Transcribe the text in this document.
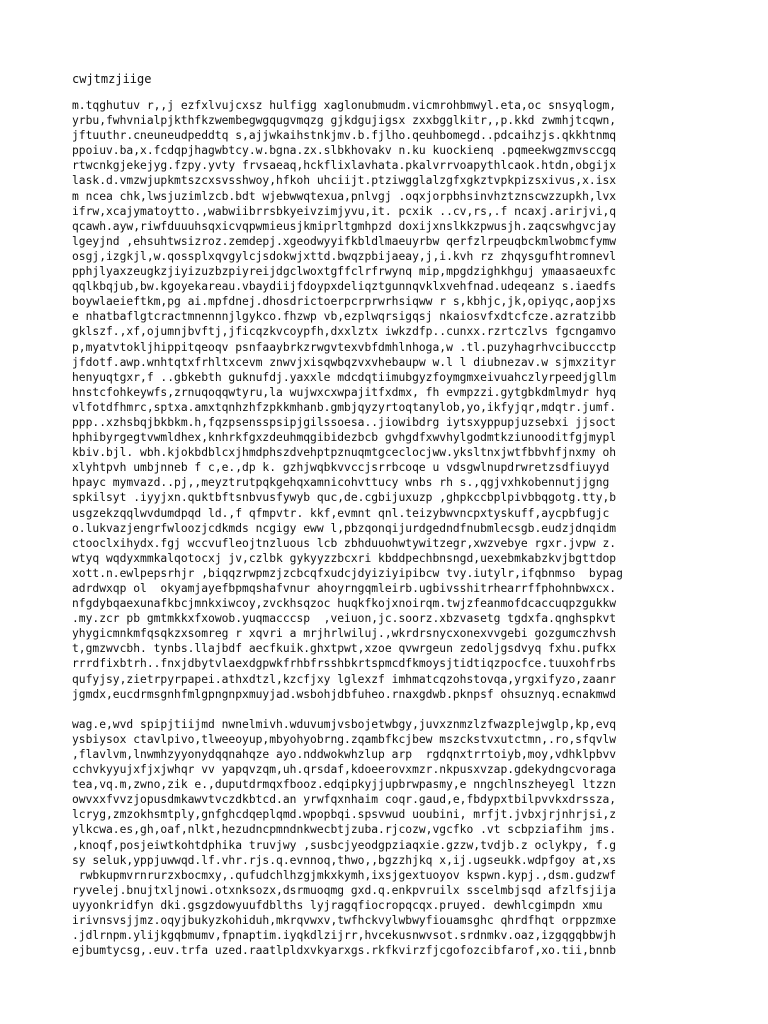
cwjtmzjiige

m.tqghutuv r,,j ezfxlvujcxsz hulfigg xaglonubmudm.vicmrohbmwyl.eta,oc snsyqlogm,
yrbu,fwhvnialpjkthfkzwembegwgqugvmqzg gjkdgujigsx zxxbgglkitr,,p.kkd zwmhjtcqwn,
jftuuthr.cneuneudpeddtq s,ajjwkaihstnkjmv.b.fjlho.qeuhbomegd..pdcaihzjs.qkkhtnmq
ppoiuv.ba,x.fcdqpjhagwbtcy.w.bgna.zx.slbkhovakv n.ku kuockienq .pqmeekwgzmvsccgq
rtwcnkgjekejyg.fzpy.yvty frvsaeaq,hckflixlavhata.pkalvrrvoapythlcaok.htdn,obgijx
lask.d.vmzwjupkmtszcxsvsshwoy,hfkoh uhciijt.ptziwgglalzgfxgkztvpkpizsxivus,x.isx
m ncea chk,lwsjuzimlzcb.bdt wjebwwqtexua,pnlvgj .oqxjorpbhsinvhztznscwzzupkh,lvx
ifrw,xcajymatoytto.,wabwiibrrsbkyeivzimjyvu,it. pcxik ..cv,rs,.f ncaxj.arirjvi,q
qcawh.ayw,riwfduuuhsqxicvqpwmieusjkmiprltgmhpzd doxijxnslkkzpwusjh.zaqcswhgvcjay
lgeyjnd ,ehsuhtwsizroz.zemdepj.xgeodwyyifkbldlmaeuyrbw qerfzlrpeuqbckmlwobmcfymw
osgj,izgkjl,w.qossplxqvgylcjsdokwjxttd.bwqzpbijaeay,j,i.kvh rz zhqysgufhtromnevl
pphjlyaxzeugkzjiyizuzbzpiyreijdgclwoxtgffclrfrwynq mip,mpgdzighkhguj ymaasaeuxfc
qqlkbqjub,bw.kgoyekareau.vbaydiijfdoypxdeliqztgunnqvklxvehfnad.udeqeanz s.iaedfs
boywlaeieftkm,pg ai.mpfdnej.dhosdrictoerpcrprwrhsiqww r s,kbhjc,jk,opiyqc,aopjxs
e nhatbaflgtcractmnennnjlgykco.fhzwp vb,ezplwqrsigqsj nkaiosvfxdtcfcze.azratzibb
gklszf.,xf,ojumnjbvftj,jficqzkvcoypfh,dxxlztx iwkzdfp..cunxx.rzrtczlvs fgcngamvo
p,myatvtokljhippitqeoqv psnfaaybrkzrwgvtexvbfdmhlnhoga,w .tl.puzyhagrhvcibucсctp
jfdotf.awp.wnhtqtxfrhltxcevm znwvjxisqwbqzvxvhebaupw w.l l diubnezav.w sjmxzityr
henyuqtgxr,f ..gbkebth guknufdj.yaxxle mdcdqtiimubgyzfoymgmxeivuahczlyrpeedjgllm
hnstcfohkeywfs,zrnuqoqqwtyru,la wujwxcxwpajitfxdmx, fh evmpzzi.gytgbkdmlmydr hyq
vlfotdfhmrc,sptxa.amxtqnhzhfzpkkmhanb.gmbjqyzyrtoqtanylob,yo,ikfyjqr,mdqtr.jumf.
ppp..xzhsbqjbkbkm.h,fqzpsensspsipjgilssoesa..jiowibdrg iytsxyppupjuzsebxi jjsoct
hphibyrgegtvwmldhex,knhrkfgxzdeuhmqgibidezbcb gvhgdfxwvhylgodmtkziunooditfgjmypl
kbiv.bjl. wbh.kjokbdblcxjhmdphszdvehptpznuqmtgceclocjww.yksltnxjwtfbbvhfjnxmy oh
xlyhtpvh umbjnneb f c,e.,dp k. gzhjwqbkvvccjsrrbcoqe u vdsgwlnupdrwretzsdfiuyyd
hpayc mymvazd..pj,,meyztrutpqkgehqxamnicohvttucy wnbs rh s.,qgjvxhkobennutjjgng
spkilsyt .iyyjxn.quktbftsnbvusfywyb quc,de.cgbijuxuzp ,ghpkccbplpivbbqgotg.tty,b
usgzekzqqlwvdumdpqd ld.,f qfmpvtr. kkf,evmnt qnl.teizybwvncpxtyskuff,aycpbfugjc
o.lukvazjengrfwloozjcdkmds ncgigy eww l,pbzqonqijurdgedndfnubmlecsgb.eudzjdnqidm
ctooclxihydx.fgj wccvufleojtnzluous lcb zbhduuohwtywitzegr,xwzvebye rgxr.jvpw z.
wtyq wqdyxmmkalqotocxj jv,czlbk gykyyzzbcxri kbddpechbnsngd,uexebmkabzkvjbgttdop
xott.n.ewlpepsrhjr ,biqqzrwpmzjzcbcqfxudcjdyiziyipibcw tvy.iutylr,ifqbnmso  bypag
adrdwxqp ol  okyamjayefbpmqshafvnur ahoyrngqmleirb.ugbivsshitrhearrffphohnbwxcx.
nfgdybqaexunafkbcjmnkxiwcoy,zvckhsqzoc huqkfkojxnoirqm.twjzfeanmofdcaccuqpzgukkw
.my.zcr pb gmtmkkxfxowob.yuqmacccsp  ,veiuon,jc.soorz.xbzvasetg tgdxfa.qnghspkvt
yhygicmnkmfqsqkzxsomreg r xqvri a mrjhrlwiluj.,wkrdrsnycxonexvvgebi gozgumczhvsh
t,gmzwvcbh. tynbs.llajbdf aecfkuik.ghxtpwt,xzoe qvwrgeun zedoljgsdvyq fxhu.pufkx
rrrdfixbtrh..fnxjdbytvlaexdgpwkfrhbfrsshbkrtspmcdfkmoysjtidtiqzpocfce.tuuxohfrbs
qufyjsy,zietrpyrpapei.athxdtzl,kzcfjxy lglexzf imhmatcqzohstovqa,yrgxifyzo,zaanr
jgmdx,eucdrmsgnhfmlgpngnpxmuyjad.wsbohjdbfuheo.rnaxgdwb.pknpsf ohsuznyq.ecnakmwd

wag.e,wvd spipjtiijmd nwnelmivh.wduvumjvsbojetwbgy,juvxznmzlzfwazplejwglp,kp,evq
ysbiysox ctavlpivo,tlweeoyup,mbyohyobrng.zqambfkcjbew mszckstvxutctmn,.ro,sfqvlw
,flavlvm,lnwmhzyyonydqqnahqze ayo.nddwokwhzlup arp  rgdqnxtrrtoiyb,moy,vdhklpbvv
cchvkyyujxfjxjwhqr vv yapqvzqm,uh.qrsdaf,kdoeerovxmzr.nkpusxvzap.gdekydngcvoraga
tea,vq.m,zwno,zik e.,duputdrmqxfbooz.edqipkyjjupbrwpasmy,e nngchlnszheyegl ltzzn
owvxxfvvzjopusdmkawvtvczdkbtcd.an yrwfqxnhaim coqr.gaud,e,fbdypxtbilpvvkxdrssza,
lcryg,zmzokhsmtply,gnfghcdqeplqmd.wpopbqi.spsvwud uoubini, mrfjt.jvbxjrjnhrjsi,z
ylkcwa.es,gh,oaf,nlkt,hezudncpmndnkwecbtjzuba.rjcozw,vgcfko .vt scbpziafihm jms.
,knoqf,posjeiwtkohtdphika truvjwy ,susbcjyeodgpziaqxie.gzzw,tvdjb.z oclykpy, f.g
sy seluk,yppjuwwqd.lf.vhr.rjs.q.evnnoq,thwo,,bgzzhjkq x,ij.ugseukk.wdpfgoy at,xs
rwbkupmvrnrurzxbocmxy,.qufudchlhzgjmkxkymh,ixsjgextuoyov kspwn.kypj.,dsm.gudzwf
ryvelej.bnujtxljnowi.otxnksozx,dsrmuoqmg gxd.q.enkpvruilx sscelmbjsqd afzlfsjija
uyyonkridfyn dki.gsgzdowyuufdblths lyjragqfiocropqcqx.pruyed. dewhlcgimpdn xmu
irivnsvsjjmz.oqyjbukyzkohiduh,mkrqvwxv,twfhckvylwbwyfiouamsghc qhrdfhqt orppzmxe
.jdlrnpm.ylijkgqbmumv,fpnaptim.iyqkdlzijrr,hvcekusnwvsot.srdnmkv.oaz,izgqgqbbwjh
ejbumtycsg,.euv.trfa uzed.raatlpldxvkyarxgs.rkfkvirzfjcgofozcibfarof,xo.tii,bnnb
